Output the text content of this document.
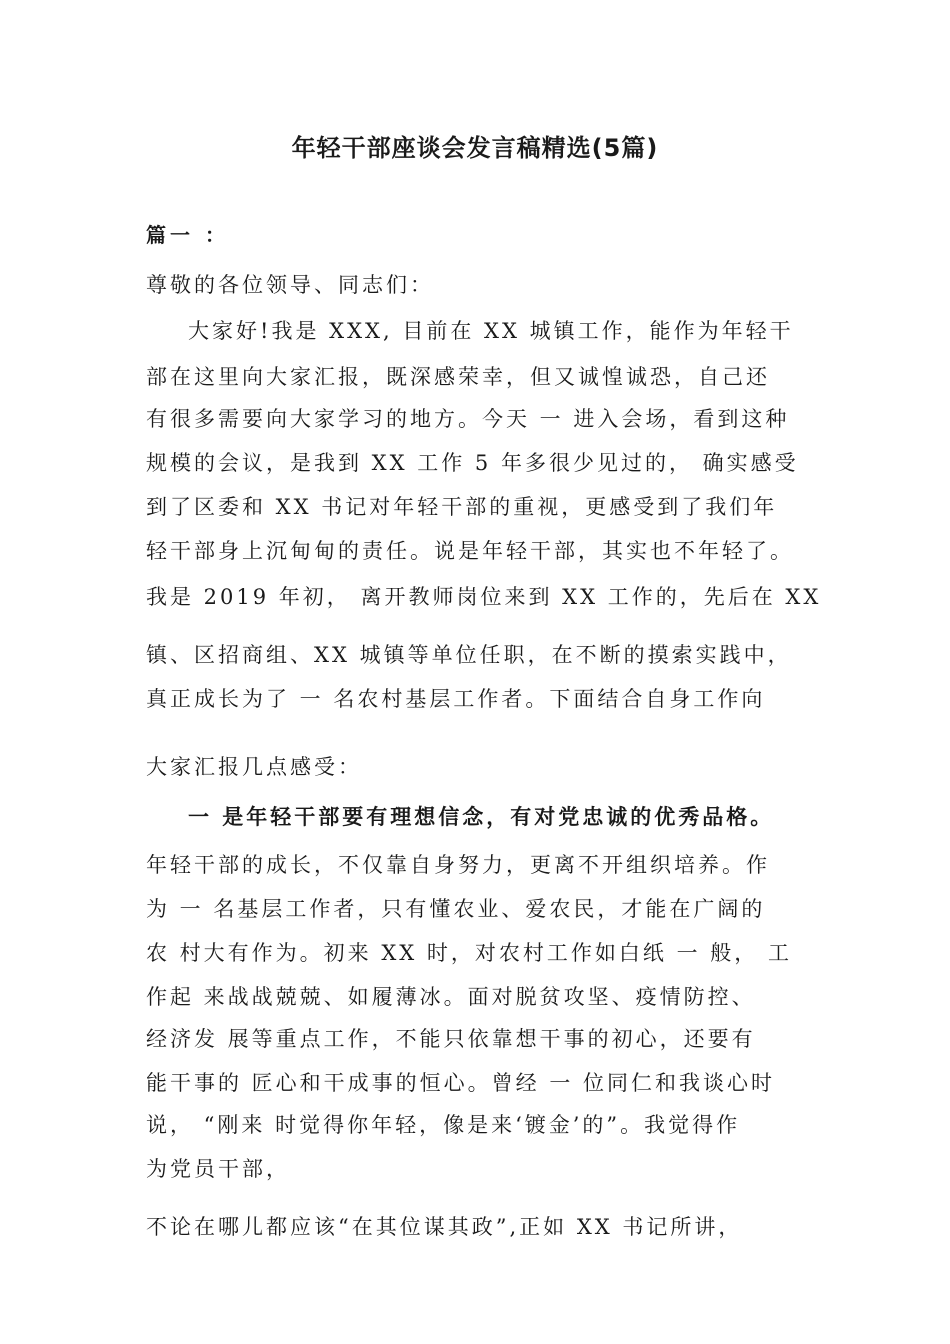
年轻干部座谈会发言稿精选(5篇)
篇一 ：
尊敬的各位领导、同志们：
大家好!我是 XXX, 目前在 XX 城镇工作，能作为年轻干
部在这里向大家汇报，既深感荣幸，但又诚惶诚恐，自己还
有很多需要向大家学习的地方。今天 一 进入会场，看到这种
规模的会议，是我到 XX 工作 5 年多很少见过的， 确实感受
到了区委和 XX 书记对年轻干部的重视，更感受到了我们年
轻干部身上沉甸甸的责任。说是年轻干部，其实也不年轻了。
我是 2019 年初， 离开教师岗位来到 XX 工作的，先后在 XX
镇、区招商组、XX 城镇等单位任职，在不断的摸索实践中，
真正成长为了 一 名农村基层工作者。下面结合自身工作向
大家汇报几点感受：
一 是年轻干部要有理想信念，有对党忠诚的优秀品格。
年轻干部的成长，不仅靠自身努力，更离不开组织培养。作
为 一 名基层工作者，只有懂农业、爱农民，才能在广阔的
农 村大有作为。初来 XX 时，对农村工作如白纸 一 般， 工
作起 来战战兢兢、如履薄冰。面对脱贫攻坚、疫情防控、
经济发 展等重点工作，不能只依靠想干事的初心，还要有
能干事的 匠心和干成事的恒心。曾经 一 位同仁和我谈心时
说， “刚来 时觉得你年轻，像是来‘镀金’的”。我觉得作
为党员干部，
不论在哪儿都应该“在其位谋其政”,正如 XX 书记所讲，
